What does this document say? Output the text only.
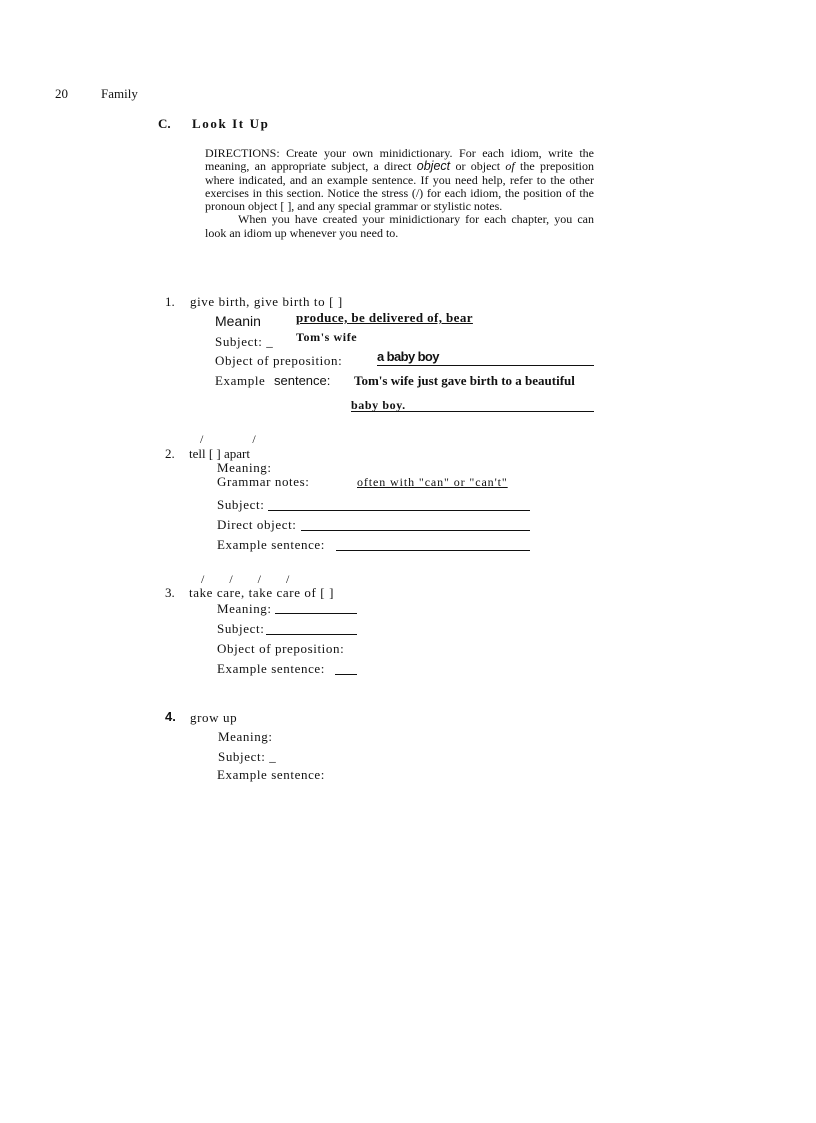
20	Family
C. Look It Up

DIRECTIONS: Create your own minidictionary. For each idiom, write the meaning, an appropriate subject, a direct object or object of the preposition where indicated, and an example sentence. If you need help, refer to the other exercises in this section. Notice the stress (/) for each idiom, the position of the pronoun object [ ], and any special grammar or stylistic notes.

When you have created your minidictionary for each chapter, you can look an idiom up whenever you need to.

1. give birth, give birth to [ ]
Meanin	produce, be delivered of, bear
Subject: _ Tom's wife
Object of preposition:	a baby boy
Example sentence: Tom's wife just gave birth to a beautiful
baby boy.
/ /
2. tell [ ] apart
Meaning:
Grammar notes:	often with "can" or "can't"
Subject:
Direct object:
Example sentence:
/ / / /
3. take care, take care of [ ]
Meaning:
Subject:
Object of preposition:
Example sentence:
4. grow up
Meaning:
Subject: _
Example sentence:
